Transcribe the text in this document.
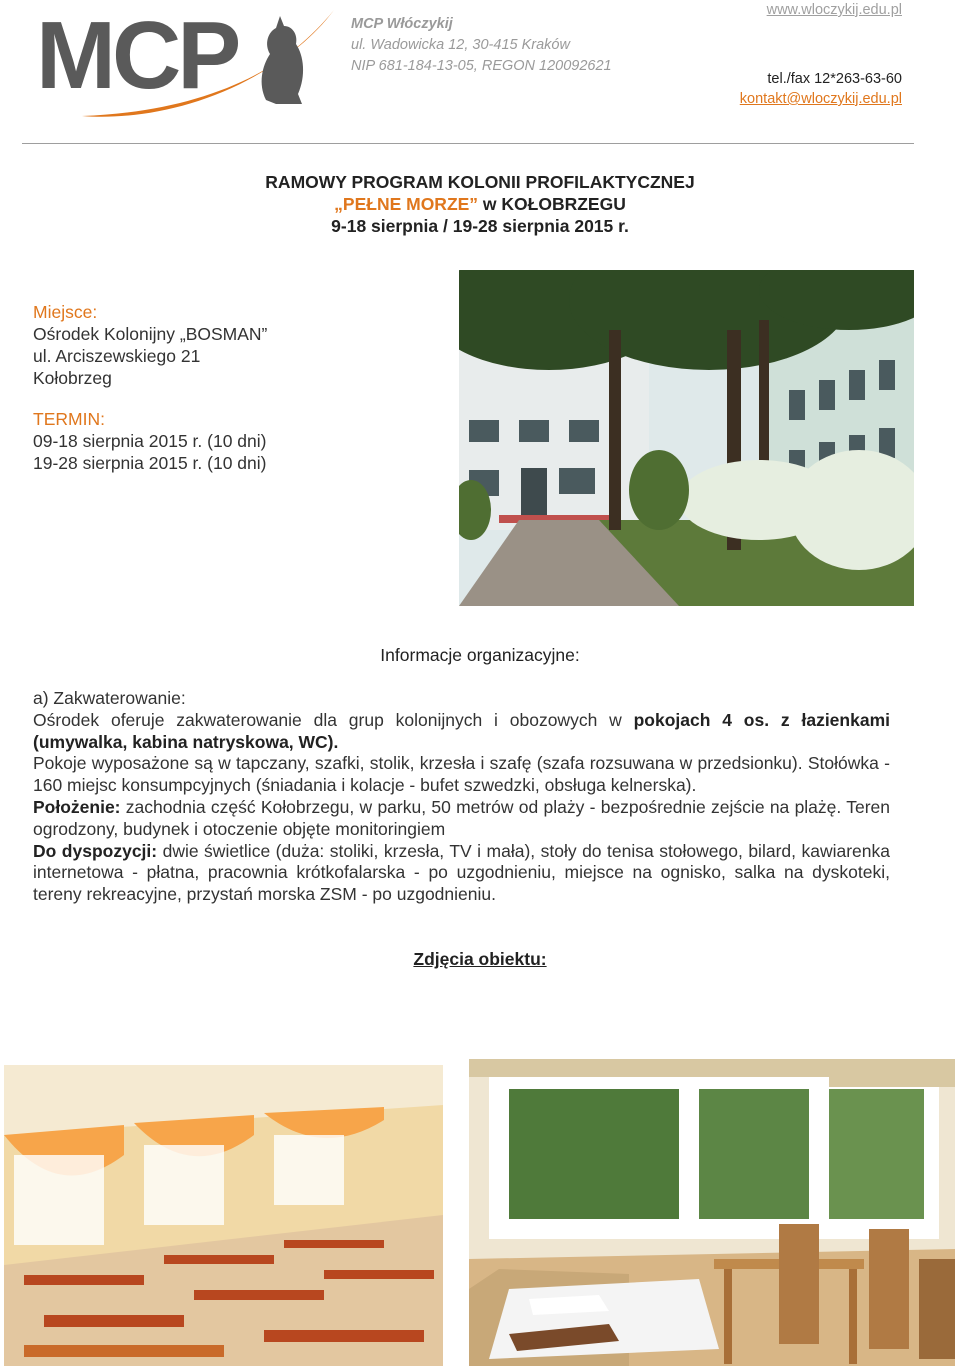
MCP	MCP Włóczykij
ul. Wadowicka 12, 30-415 Kraków
NIP 681-184-13-05, REGON 120092621
www.wloczykij.edu.pl
tel./fax 12*263-63-60
kontakt@wloczykij.edu.pl
RAMOWY PROGRAM KOLONII PROFILAKTYCZNEJ
„PEŁNE MORZE” w KOŁOBRZEGU
9-18 sierpnia / 19-28 sierpnia 2015 r.
Miejsce:
Ośrodek Kolonijny „BOSMAN”
ul. Arciszewskiego 21
Kołobrzeg
TERMIN:
09-18 sierpnia 2015 r. (10 dni)
19-28 sierpnia 2015 r. (10 dni)
Informacje organizacyjne:

a) Zakwaterowanie:

Ośrodek oferuje zakwaterowanie dla grup kolonijnych i obozowych w pokojach 4 os. z łazienkami (umywalka, kabina natryskowa, WC).

Pokoje wyposażone są w tapczany, szafki, stolik, krzesła i szafę (szafa rozsuwana w przedsionku). Stołówka - 160 miejsc konsumpcyjnych (śniadania i kolacje - bufet szwedzki, obsługa kelnerska).

Położenie: zachodnia część Kołobrzegu, w parku, 50 metrów od plaży - bezpośrednie zejście na plażę. Teren ogrodzony, budynek i otoczenie objęte monitoringiem

Do dyspozycji: dwie świetlice (duża: stoliki, krzesła, TV i mała), stoły do tenisa stołowego, bilard, kawiarenka internetowa - płatna, pracownia krótkofalarska - po uzgodnieniu, miejsce na ognisko, salka na dyskoteki, tereny rekreacyjne, przystań morska ZSM - po uzgodnieniu.

Zdjęcia obiektu:
